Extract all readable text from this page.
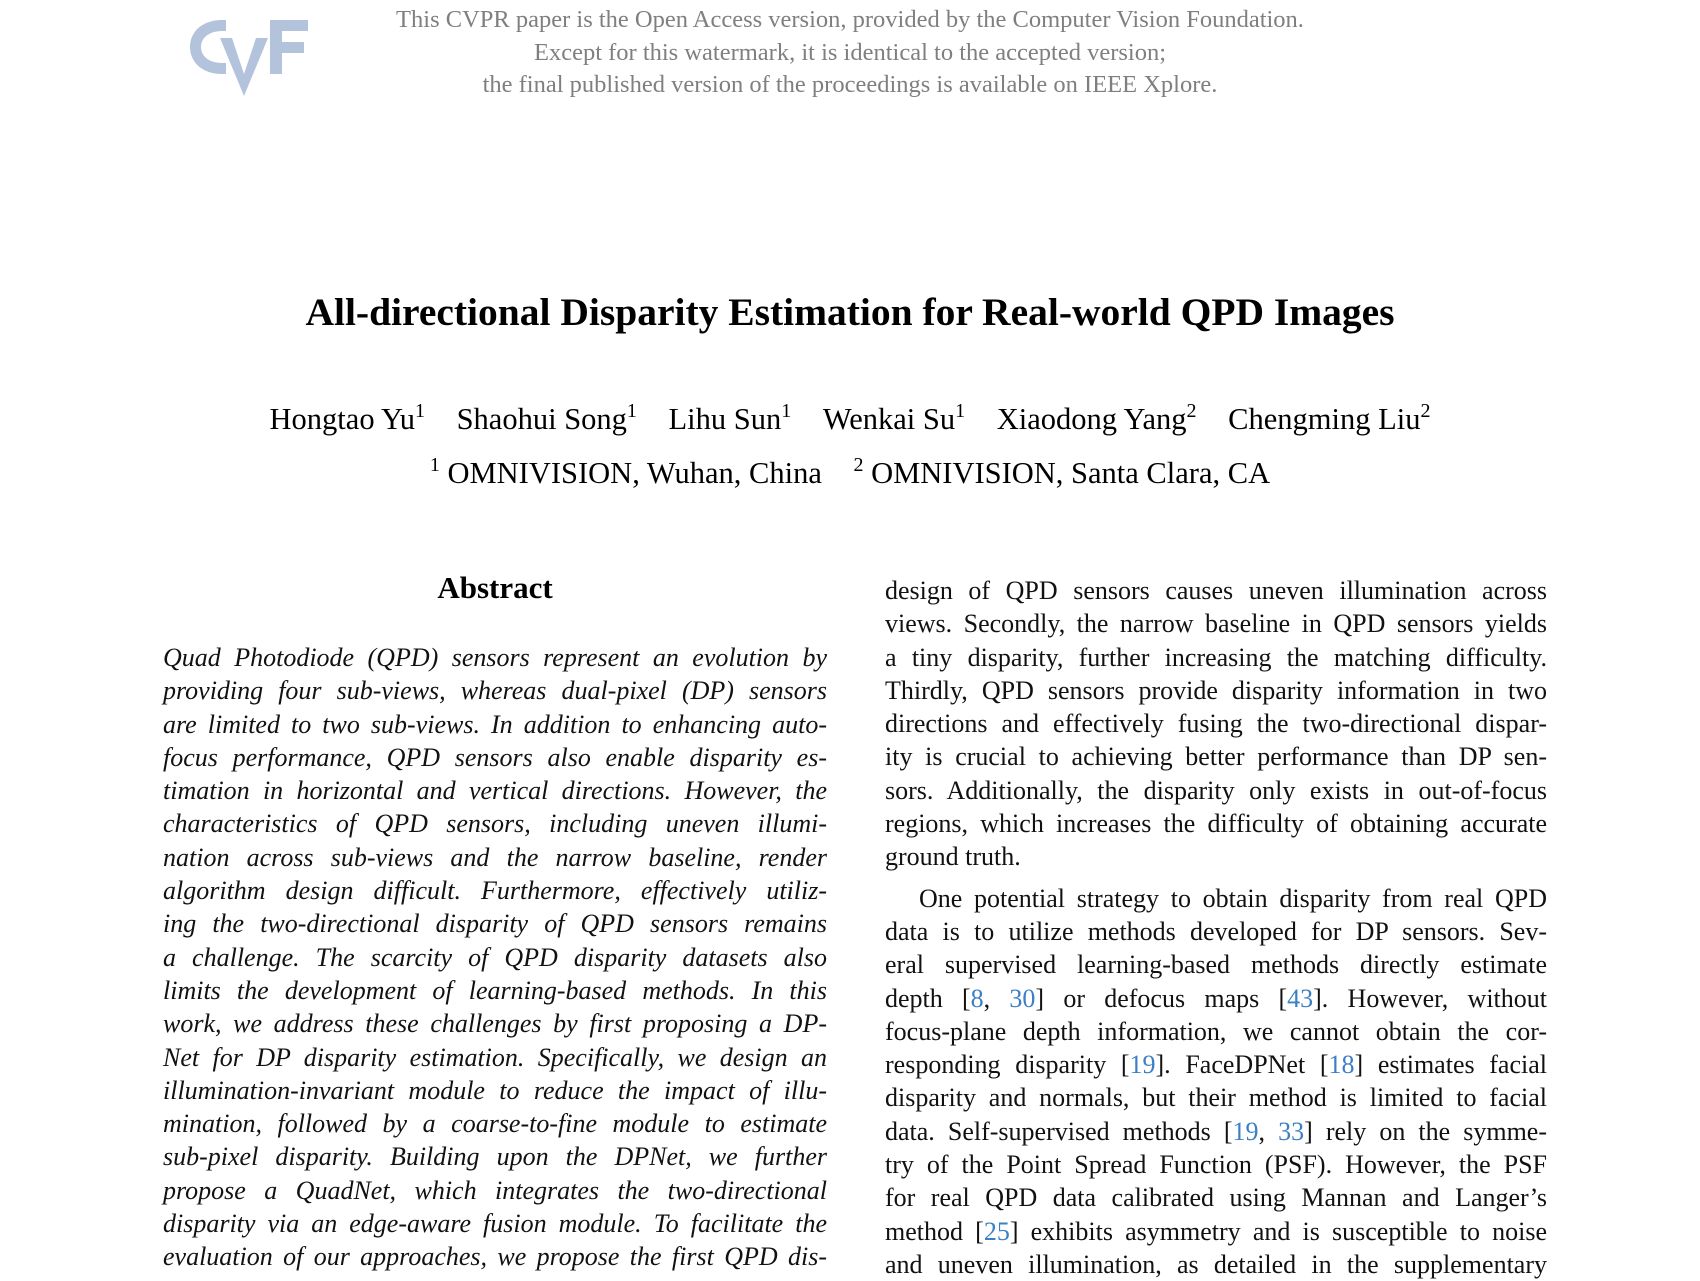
This CVPR paper is the Open Access version, provided by the Computer Vision Foundation.
Except for this watermark, it is identical to the accepted version;
the final published version of the proceedings is available on IEEE Xplore.
All-directional Disparity Estimation for Real-world QPD Images
Hongtao Yu$^1$ Shaohui Song$^1$ Lihu Sun$^1$ Wenkai Su$^1$ Xiaodong Yang$^2$ Chengming Liu$^2$
$^1$ OMNIVISION, Wuhan, China $^2$ OMNIVISION, Santa Clara, CA
Abstract
Quad Photodiode (QPD) sensors represent an evolution by
providing four sub-views, whereas dual-pixel (DP) sensors
are limited to two sub-views. In addition to enhancing auto-
focus performance, QPD sensors also enable disparity es-
timation in horizontal and vertical directions. However, the
characteristics of QPD sensors, including uneven illumi-
nation across sub-views and the narrow baseline, render
algorithm design difficult. Furthermore, effectively utiliz-
ing the two-directional disparity of QPD sensors remains
a challenge. The scarcity of QPD disparity datasets also
limits the development of learning-based methods. In this
work, we address these challenges by first proposing a DP-
Net for DP disparity estimation. Specifically, we design an
illumination-invariant module to reduce the impact of illu-
mination, followed by a coarse-to-fine module to estimate
sub-pixel disparity. Building upon the DPNet, we further
propose a QuadNet, which integrates the two-directional
disparity via an edge-aware fusion module. To facilitate the
evaluation of our approaches, we propose the first QPD dis-
design of QPD sensors causes uneven illumination across
views. Secondly, the narrow baseline in QPD sensors yields
a tiny disparity, further increasing the matching difficulty.
Thirdly, QPD sensors provide disparity information in two
directions and effectively fusing the two-directional dispar-
ity is crucial to achieving better performance than DP sen-
sors. Additionally, the disparity only exists in out-of-focus
regions, which increases the difficulty of obtaining accurate
ground truth.
One potential strategy to obtain disparity from real QPD
data is to utilize methods developed for DP sensors. Sev-
eral supervised learning-based methods directly estimate
depth [8, 30] or defocus maps [43]. However, without
focus-plane depth information, we cannot obtain the cor-
responding disparity [19]. FaceDPNet [18] estimates facial
disparity and normals, but their method is limited to facial
data. Self-supervised methods [19, 33] rely on the symme-
try of the Point Spread Function (PSF). However, the PSF
for real QPD data calibrated using Mannan and Langer’s
method [25] exhibits asymmetry and is susceptible to noise
and uneven illumination, as detailed in the supplementary
